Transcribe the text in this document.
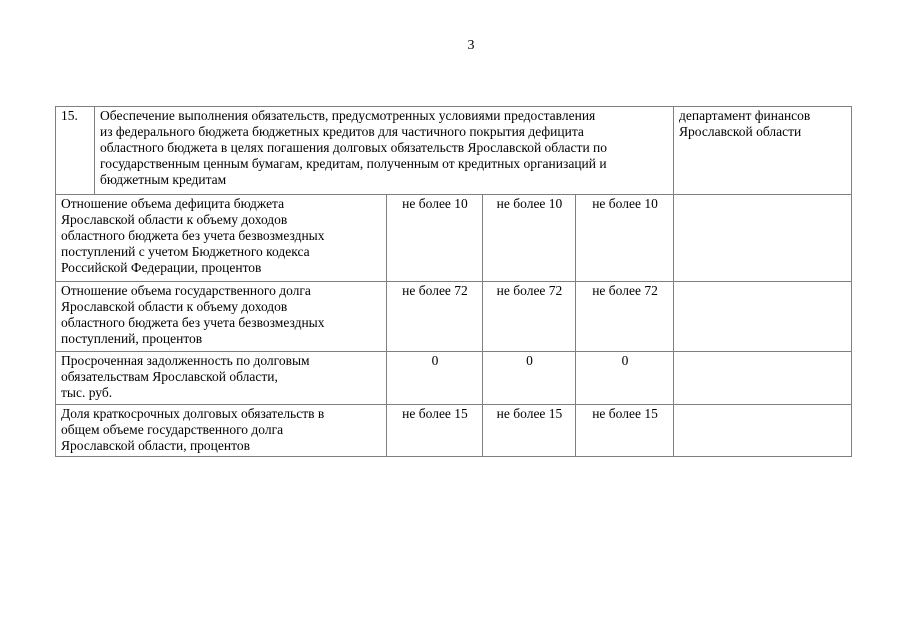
3
15.	Обеспечение выполнения обязательств, предусмотренных условиями предоставления
из федерального бюджета бюджетных кредитов для частичного покрытия дефицита
областного бюджета в целях погашения долговых обязательств Ярославской области по
государственным ценным бумагам, кредитам, полученным от кредитных организаций и
бюджетным кредитам				департамент финансов
Ярославской области

Отношение объема дефицита бюджета
Ярославской области к объему доходов
областного бюджета без учета безвозмездных
поступлений с учетом Бюджетного кодекса
Российской Федерации, процентов		не более 10	не более 10	не более 10	

Отношение объема государственного долга
Ярославской области к объему доходов
областного бюджета без учета безвозмездных
поступлений, процентов		не более 72	не более 72	не более 72	

Просроченная задолженность по долговым
обязательствам Ярославской области,
тыс. руб.		0	0	0	

Доля краткосрочных долговых обязательств в
общем объеме государственного долга
Ярославской области, процентов		не более 15	не более 15	не более 15	
